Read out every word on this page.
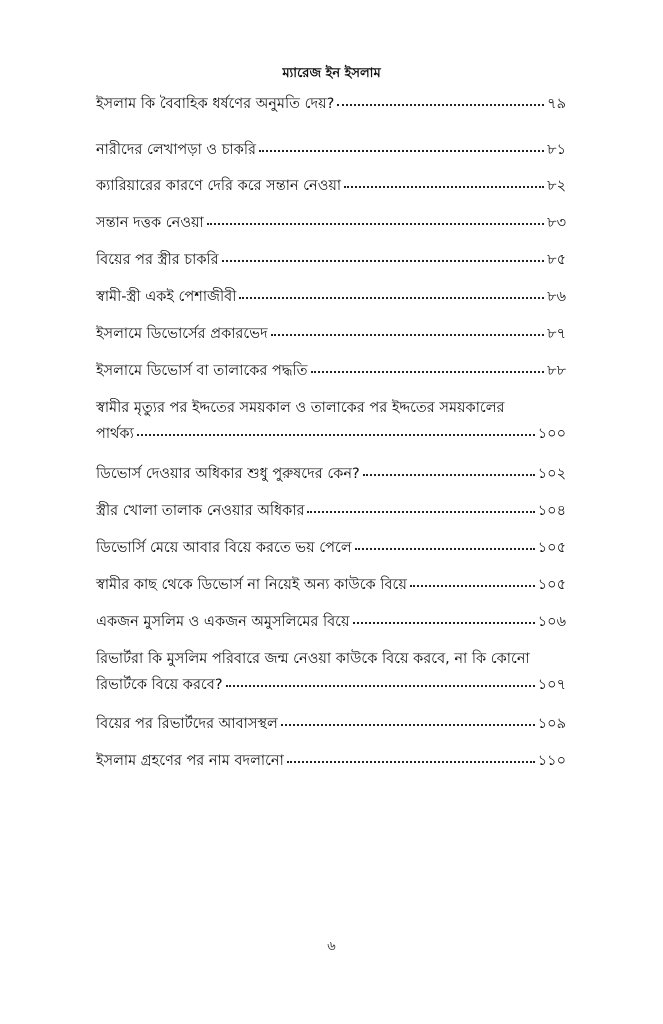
ম্যারেজ ইন ইসলাম
ইসলাম কি বৈবাহিক ধর্ষণের অনুমতি দেয়?	৭৯
নারীদের লেখাপড়া ও চাকরি	৮১
ক্যারিয়ারের কারণে দেরি করে সন্তান নেওয়া	৮২
সন্তান দত্তক নেওয়া	৮৩
বিয়ের পর স্ত্রীর চাকরি	৮৫
স্বামী-স্ত্রী একই পেশাজীবী	৮৬
ইসলামে ডিভোর্সের প্রকারভেদ	৮৭
ইসলামে ডিভোর্স বা তালাকের পদ্ধতি	৮৮
স্বামীর মৃত্যুর পর ইদ্দতের সময়কাল ও তালাকের পর ইদ্দতের সময়কালের
পার্থক্য	১০০
ডিভোর্স দেওয়ার অধিকার শুধু পুরুষদের কেন?	১০২
স্ত্রীর খোলা তালাক নেওয়ার অধিকার	১০৪
ডিভোর্সি মেয়ে আবার বিয়ে করতে ভয় পেলে	১০৫
স্বামীর কাছ থেকে ডিভোর্স না নিয়েই অন্য কাউকে বিয়ে	১০৫
একজন মুসলিম ও একজন অমুসলিমের বিয়ে	১০৬
রিভার্টরা কি মুসলিম পরিবারে জন্ম নেওয়া কাউকে বিয়ে করবে, না কি কোনো
রিভার্টকে বিয়ে করবে?	১০৭
বিয়ের পর রিভার্টদের আবাসস্থল	১০৯
ইসলাম গ্রহণের পর নাম বদলানো	১১০
৬
